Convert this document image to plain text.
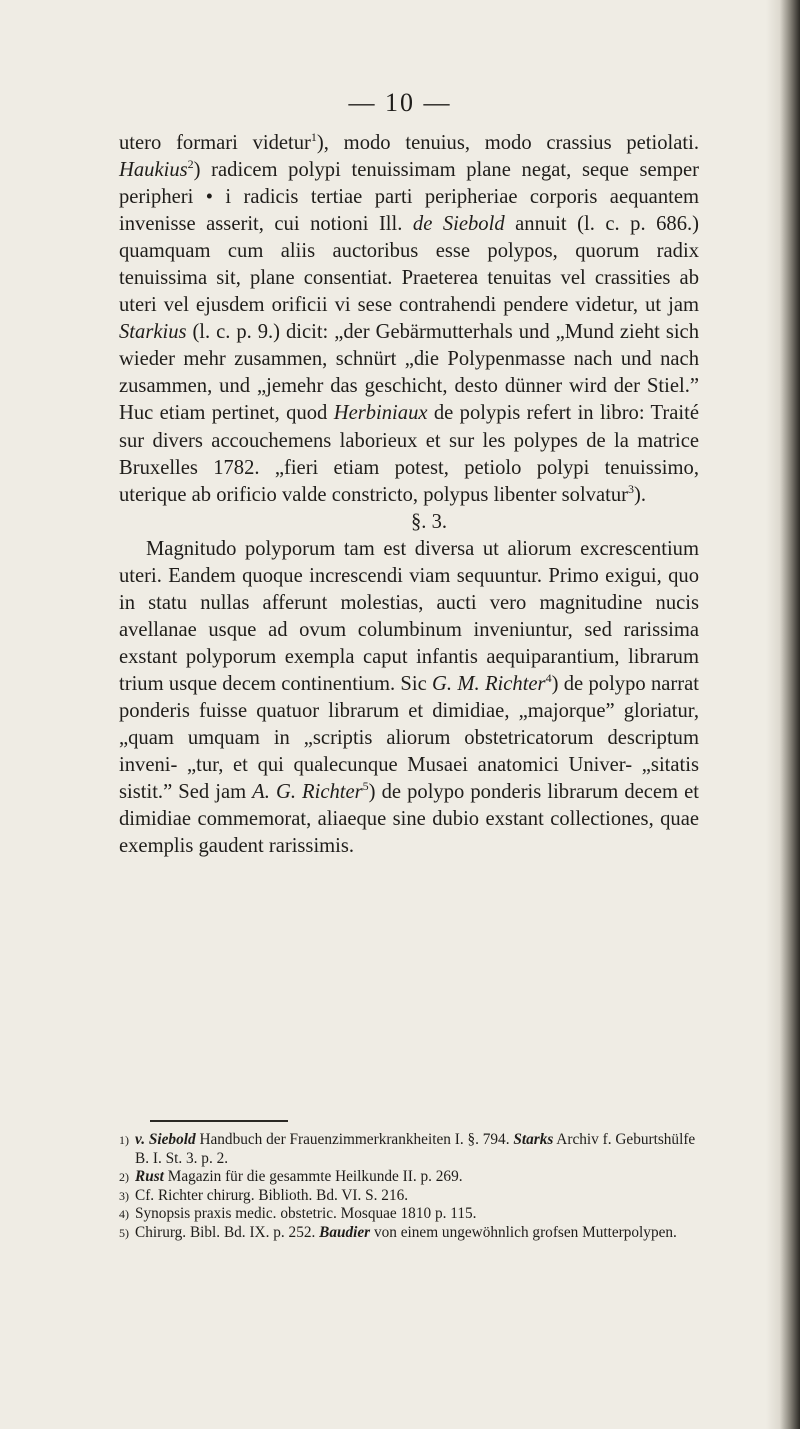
— 10 —

utero formari videtur$^1$), modo tenuius, modo crassius petiolati. Haukius$^2$) radicem polypi tenuissimam plane negat, seque semper peripheri • i radicis tertiae parti peripheriae corporis aequantem invenisse asserit, cui notioni Ill. de Siebold annuit (l. c. p. 686.) quamquam cum aliis auctoribus esse polypos, quorum radix tenuissima sit, plane consentiat. Praeterea tenuitas vel crassities ab uteri vel ejusdem orificii vi sese contrahendi pendere videtur, ut jam Starkius (l. c. p. 9.) dicit: „der Gebärmutterhals und „Mund zieht sich wieder mehr zusammen, schnürt „die Polypenmasse nach und nach zusammen, und „jemehr das geschicht, desto dünner wird der Stiel.” Huc etiam pertinet, quod Herbiniaux de polypis refert in libro: Traité sur divers accouchemens laborieux et sur les polypes de la matrice Bruxelles 1782. „fieri etiam potest, petiolo polypi tenuissimo, uterique ab orificio valde constricto, polypus libenter solvatur$^3$).

§. 3.

Magnitudo polyporum tam est diversa ut aliorum excrescentium uteri. Eandem quoque increscendi viam sequuntur. Primo exigui, quo in statu nullas afferunt molestias, aucti vero magnitudine nucis avellanae usque ad ovum columbinum inveniuntur, sed rarissima exstant polyporum exempla caput infantis aequiparantium, librarum trium usque decem continentium. Sic G. M. Richter$^4$) de polypo narrat ponderis fuisse quatuor librarum et dimidiae, „majorque” gloriatur, „quam umquam in „scriptis aliorum obstetricatorum descriptum inveni- „tur, et qui qualecunque Musaei anatomici Univer- „sitatis sistit.” Sed jam A. G. Richter$^5$) de polypo ponderis librarum decem et dimidiae commemorat, aliaeque sine dubio exstant collectiones, quae exemplis gaudent rarissimis.

1) v. Siebold Handbuch der Frauenzimmerkrankheiten I. §. 794. Starks Archiv f. Geburtshülfe B. I. St. 3. p. 2.

2) Rust Magazin für die gesammte Heilkunde II. p. 269.

3) Cf. Richter chirurg. Biblioth. Bd. VI. S. 216.

4) Synopsis praxis medic. obstetric. Mosquae 1810 p. 115.

5) Chirurg. Bibl. Bd. IX. p. 252. Baudier von einem ungewöhnlich grofsen Mutterpolypen.
